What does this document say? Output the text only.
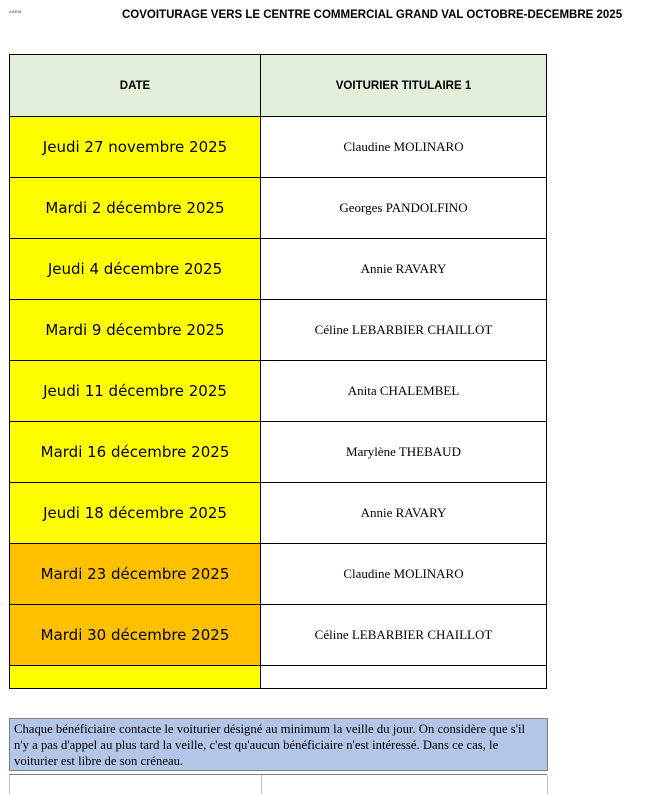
AARM	COVOITURAGE VERS LE CENTRE COMMERCIAL GRAND VAL OCTOBRE-DECEMBRE 2025
DATE	VOITURIER TITULAIRE 1
Jeudi 27 novembre 2025	Claudine MOLINARO
Mardi 2 décembre 2025	Georges PANDOLFINO
Jeudi 4 décembre 2025	Annie RAVARY
Mardi 9 décembre 2025	Céline LEBARBIER CHAILLOT
Jeudi 11 décembre 2025	Anita CHALEMBEL
Mardi 16 décembre 2025	Marylène THEBAUD
Jeudi 18 décembre 2025	Annie RAVARY
Mardi 23 décembre 2025	Claudine MOLINARO
Mardi 30 décembre 2025	Céline LEBARBIER CHAILLOT

Chaque bénéficiaire contacte le voiturier désigné au minimum la veille du jour. On considère que s'il n'y a pas d'appel au plus tard la veille, c'est qu'aucun bénéficiaire n'est intéressé. Dans ce cas, le voiturier est libre de son créneau.
